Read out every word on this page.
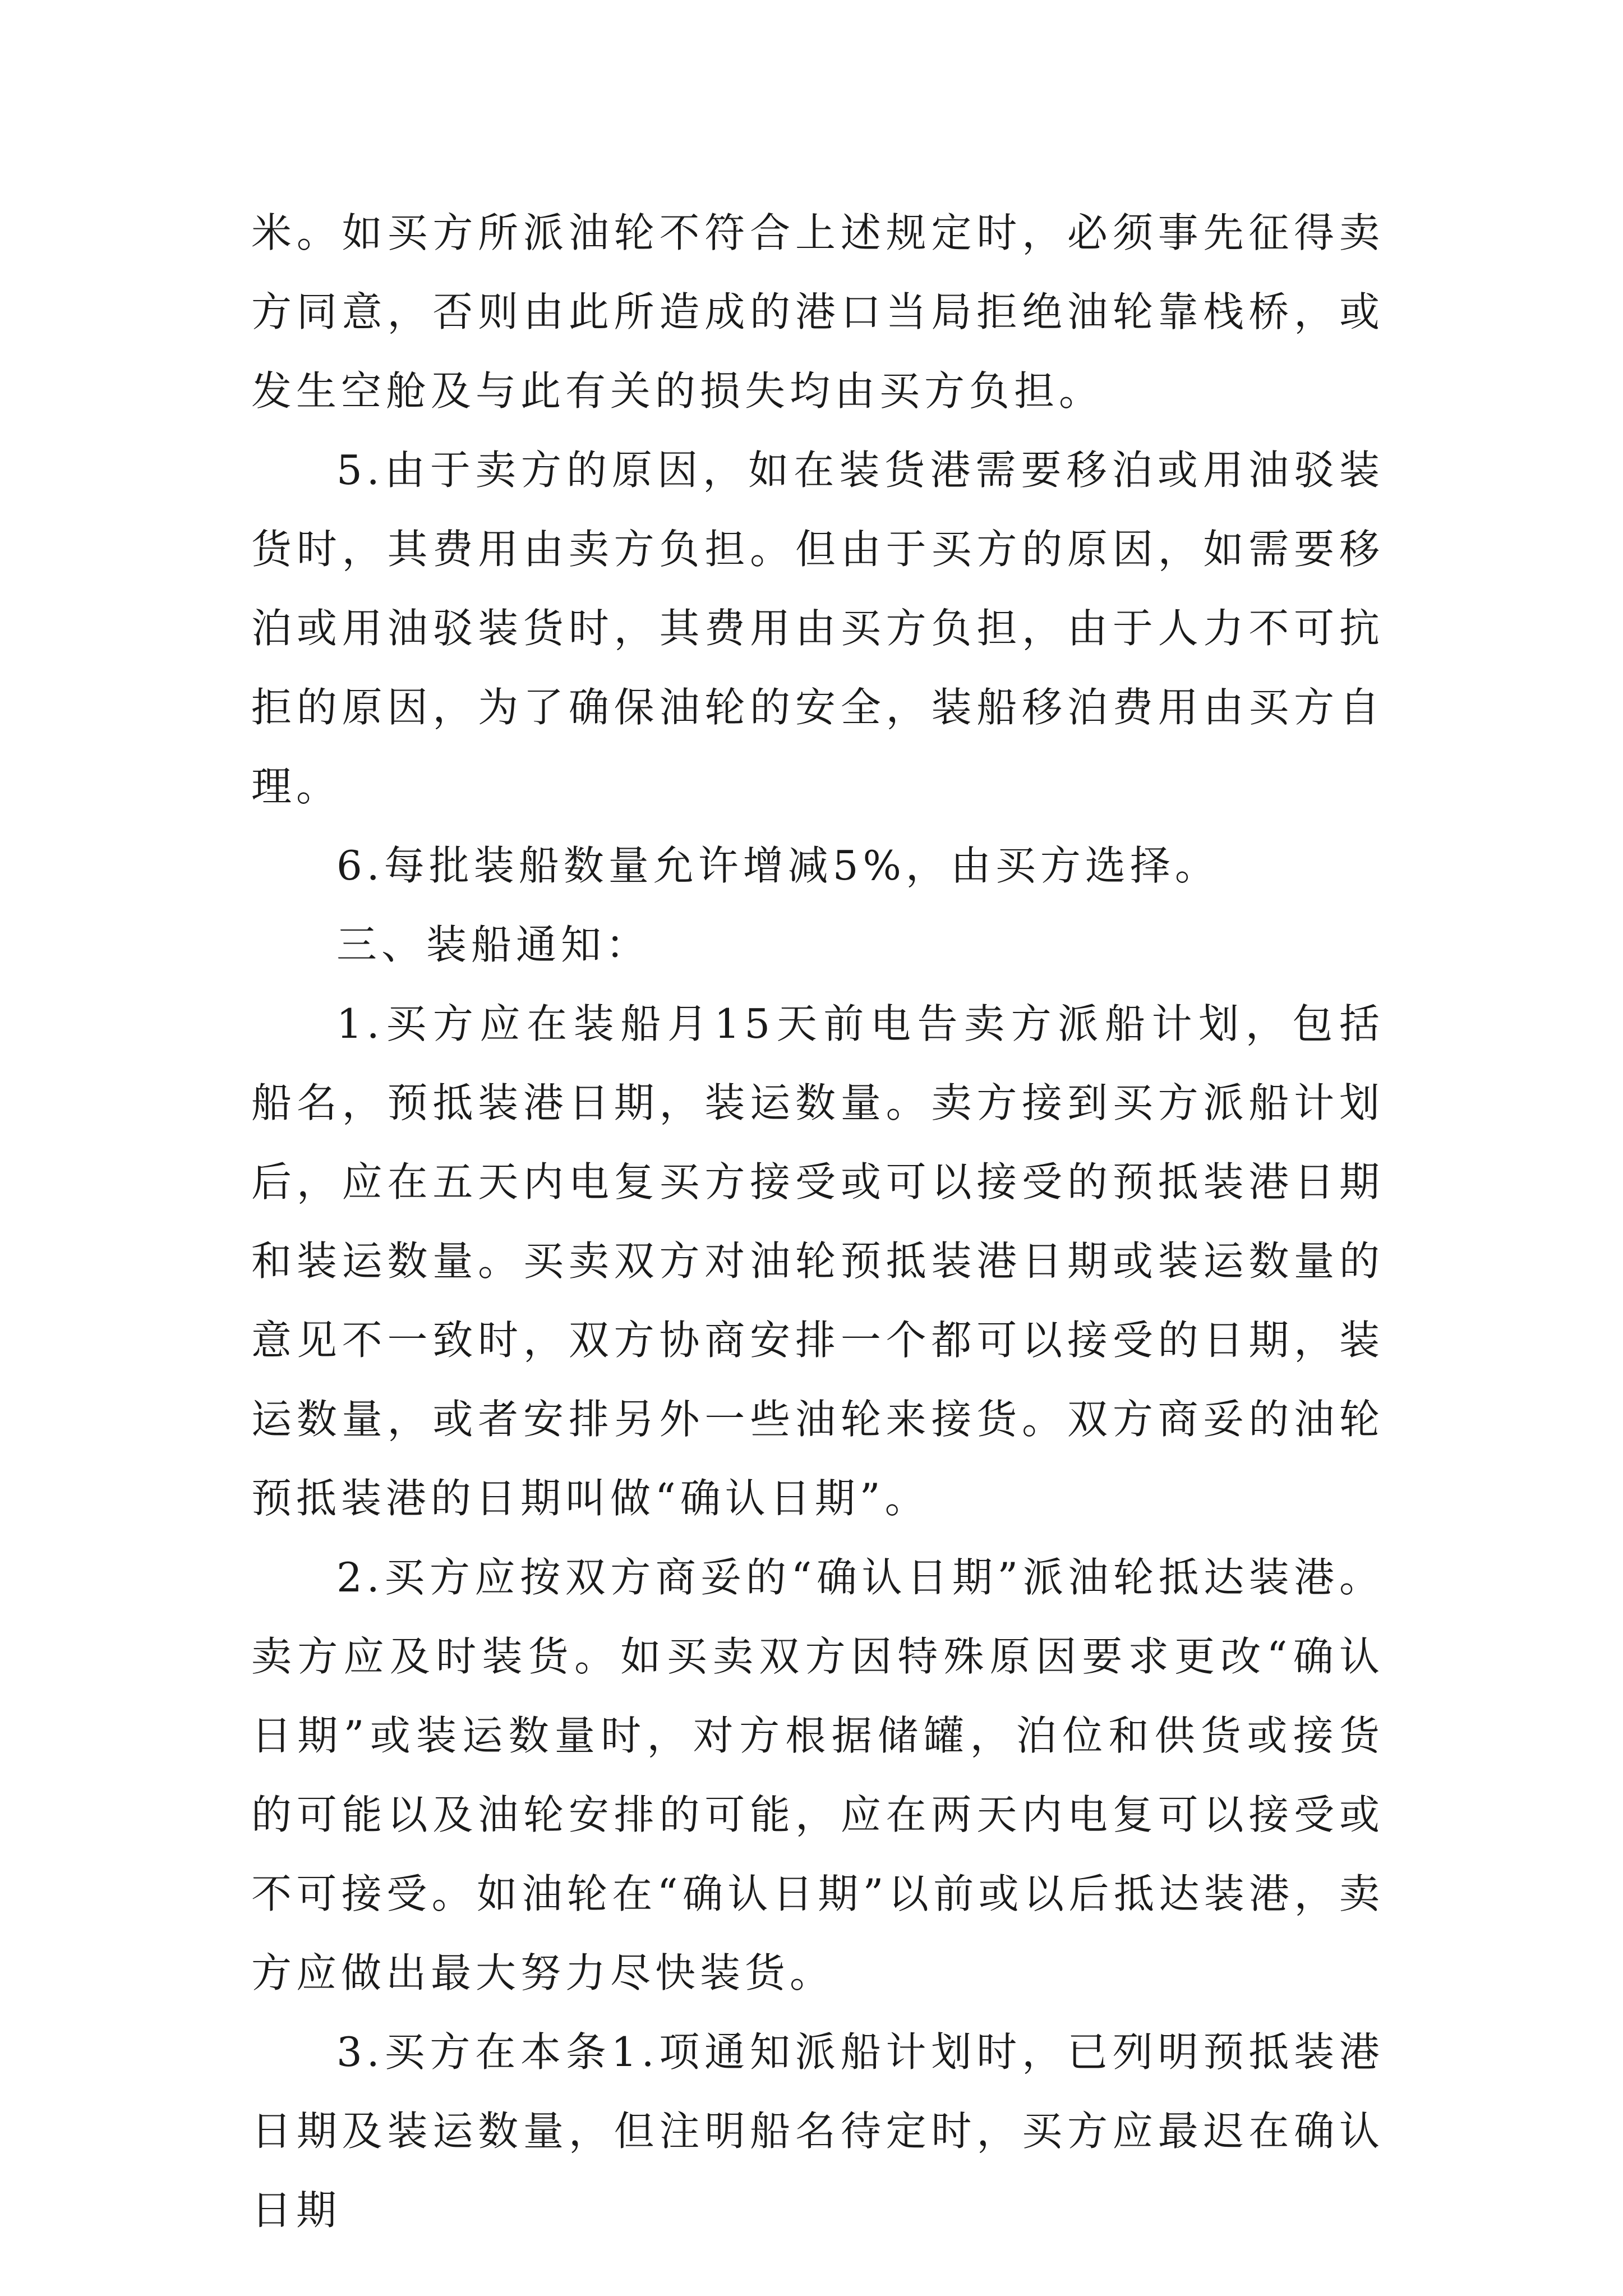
米。如买方所派油轮不符合上述规定时，必须事先征得卖方同意，否则由此所造成的港口当局拒绝油轮靠栈桥，或发生空舱及与此有关的损失均由买方负担。

5.由于卖方的原因，如在装货港需要移泊或用油驳装货时，其费用由卖方负担。但由于买方的原因，如需要移泊或用油驳装货时，其费用由买方负担，由于人力不可抗拒的原因，为了确保油轮的安全，装船移泊费用由买方自理。

6.每批装船数量允许增减5%，由买方选择。

三、装船通知：

1.买方应在装船月15天前电告卖方派船计划，包括船名，预抵装港日期，装运数量。卖方接到买方派船计划后，应在五天内电复买方接受或可以接受的预抵装港日期和装运数量。买卖双方对油轮预抵装港日期或装运数量的意见不一致时，双方协商安排一个都可以接受的日期，装运数量，或者安排另外一些油轮来接货。双方商妥的油轮预抵装港的日期叫做“确认日期”。

2.买方应按双方商妥的“确认日期”派油轮抵达装港。卖方应及时装货。如买卖双方因特殊原因要求更改“确认日期”或装运数量时，对方根据储罐，泊位和供货或接货的可能以及油轮安排的可能，应在两天内电复可以接受或不可接受。如油轮在“确认日期”以前或以后抵达装港，卖方应做出最大努力尽快装货。

3.买方在本条1.项通知派船计划时，已列明预抵装港日期及装运数量，但注明船名待定时，买方应最迟在确认日期
